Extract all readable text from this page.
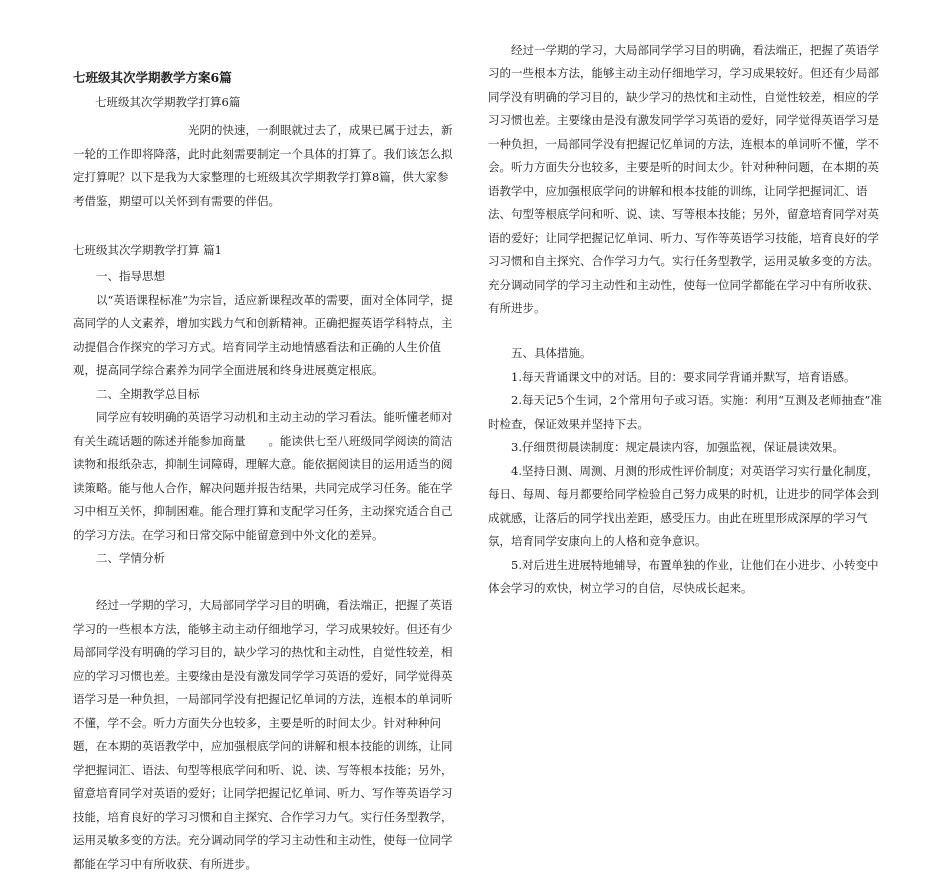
七班级其次学期教学方案6篇
七班级其次学期教学打算6篇

光阴的快速，一刹眼就过去了，成果已属于过去，新一轮的工作即将降落，此时此刻需要制定一个具体的打算了。我们该怎么拟定打算呢？以下是我为大家整理的七班级其次学期教学打算8篇，供大家参考借鉴，期望可以关怀到有需要的伴侣。

七班级其次学期教学打算 篇1

一、指导思想

以“英语课程标准”为宗旨，适应新课程改革的需要，面对全体同学，提高同学的人文素养，增加实践力气和创新精神。正确把握英语学科特点，主动提倡合作探究的学习方式。培育同学主动地情感看法和正确的人生价值观，提高同学综合素养为同学全面进展和终身进展奠定根底。

二、全期教学总目标

同学应有较明确的英语学习动机和主动主动的学习看法。能听懂老师对有关生疏话题的陈述并能参加商量　　。能读供七至八班级同学阅读的简洁读物和报纸杂志，抑制生词障碍，理解大意。能依据阅读目的运用适当的阅读策略。能与他人合作，解决问题并报告结果，共同完成学习任务。能在学习中相互关怀，抑制困难。能合理打算和支配学习任务，主动探究适合自己的学习方法。在学习和日常交际中能留意到中外文化的差异。

二、学情分析

经过一学期的学习，大局部同学学习目的明确，看法端正，把握了英语学习的一些根本方法，能够主动主动仔细地学习，学习成果较好。但还有少局部同学没有明确的学习目的，缺少学习的热忱和主动性，自觉性较差，相应的学习习惯也差。主要缘由是没有激发同学学习英语的爱好，同学觉得英语学习是一种负担，一局部同学没有把握记忆单词的方法，连根本的单词听不懂，学不会。听力方面失分也较多，主要是听的时间太少。针对种种问题，在本期的英语教学中，应加强根底学问的讲解和根本技能的训练，让同学把握词汇、语法、句型等根底学问和听、说、读、写等根本技能；另外，留意培育同学对英语的爱好；让同学把握记忆单词、听力、写作等英语学习技能，培育良好的学习习惯和自主探究、合作学习力气。实行任务型教学，运用灵敏多变的方法。充分调动同学的学习主动性和主动性，使每一位同学都能在学习中有所收获、有所进步。

经过一学期的学习，大局部同学学习目的明确，看法端正，把握了英语学习的一些根本方法，能够主动主动仔细地学习，学习成果较好。但还有少局部同学没有明确的学习目的，缺少学习的热忱和主动性，自觉性较差，相应的学习习惯也差。主要缘由是没有激发同学学习英语的爱好，同学觉得英语学习是一种负担，一局部同学没有把握记忆单词的方法，连根本的单词听不懂，学不会。听力方面失分也较多，主要是听的时间太少。针对种种问题，在本期的英语教学中，应加强根底学问的讲解和根本技能的训练，让同学把握词汇、语法、句型等根底学问和听、说、读、写等根本技能；另外，留意培育同学对英语的爱好；让同学把握记忆单词、听力、写作等英语学习技能，培育良好的学习习惯和自主探究、合作学习力气。实行任务型教学，运用灵敏多变的方法。充分调动同学的学习主动性和主动性，使每一位同学都能在学习中有所收获、有所进步。

五、具体措施。

1.每天背诵课文中的对话。目的：要求同学背诵并默写，培育语感。

2.每天记5个生词，2个常用句子或习语。实施：利用“互测及老师抽查”准时检查，保证效果并坚持下去。

3.仔细贯彻晨读制度：规定晨读内容，加强监视，保证晨读效果。

4.坚持日测、周测、月测的形成性评价制度；对英语学习实行量化制度，每日、每周、每月都要给同学检验自己努力成果的时机，让进步的同学体会到成就感，让落后的同学找出差距，感受压力。由此在班里形成深厚的学习气氛，培育同学安康向上的人格和竞争意识。

5.对后进生进展特地辅导，布置单独的作业，让他们在小进步、小转变中体会学习的欢快，树立学习的自信，尽快成长起来。
